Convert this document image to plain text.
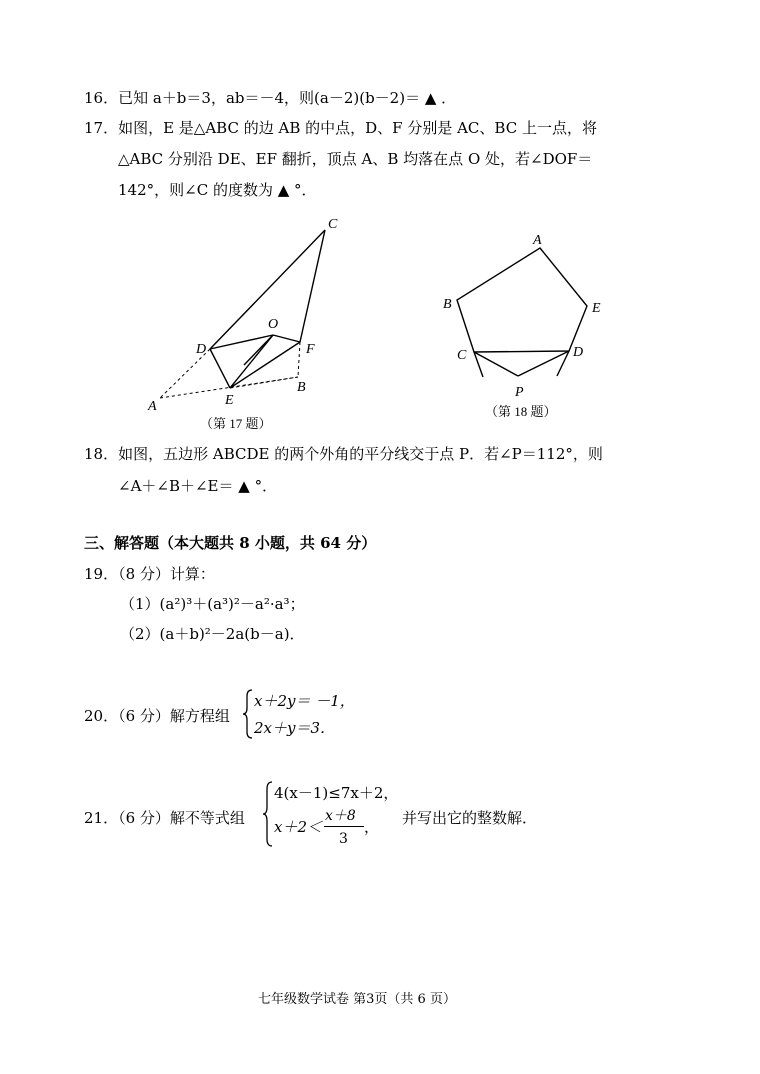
16．已知 a＋b＝3，ab＝－4，则(a－2)(b－2)＝ ▲ ．
17．如图，E 是△ABC 的边 AB 的中点，D、F 分别是 AC、BC 上一点，将
△ABC 分别沿 DE、EF 翻折，顶点 A、B 均落在点 O 处，若∠DOF＝
142°，则∠C 的度数为 ▲ °．
C
O
D	F
A	E
B
（第 17 题）
A
B	E
C	D
P
（第 18 题）
18．如图，五边形 ABCDE 的两个外角的平分线交于点 P．若∠P＝112°，则
∠A＋∠B＋∠E＝ ▲ °．
三、解答题（本大题共 8 小题，共 64 分）
19．（8 分）计算：
（1）(a²)³＋(a³)²－a²·a³；
（2）(a＋b)²－2a(b－a)．
20．（6 分）解方程组
x＋2y＝ －1，
2x＋y＝3．
21．（6 分）解不等式组
4(x－1)≤7x＋2，
x＋2＜
x＋8
3
， 并写出它的整数解．
七年级数学试卷 第3页（共 6 页）
